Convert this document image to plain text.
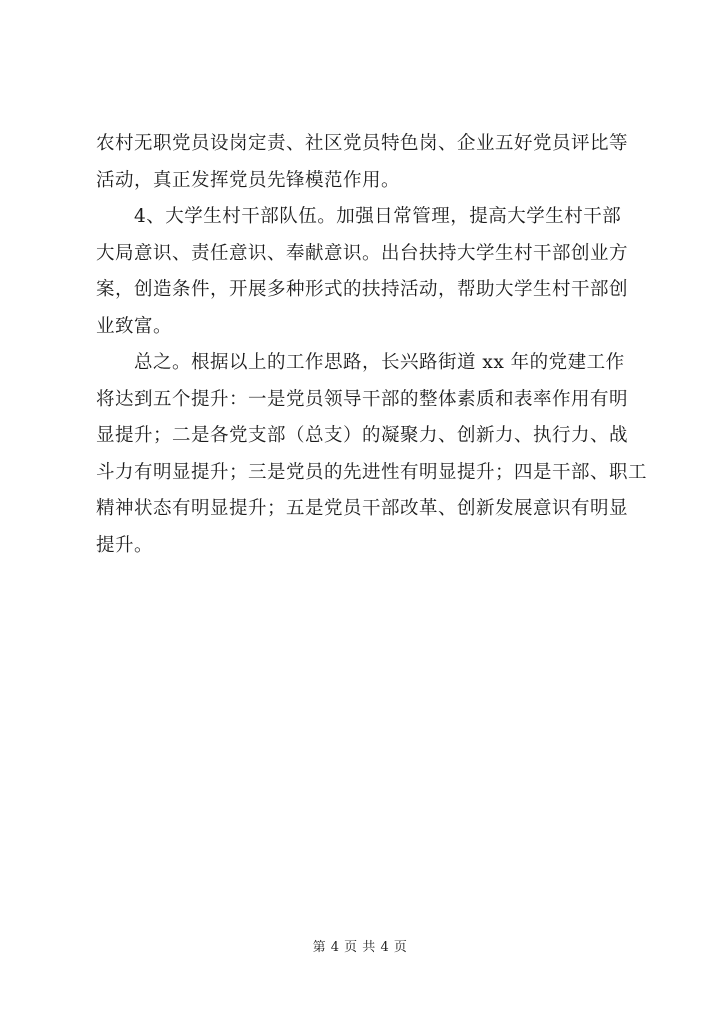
农村无职党员设岗定责、社区党员特色岗、企业五好党员评比等
活动，真正发挥党员先锋模范作用。

4、大学生村干部队伍。加强日常管理，提高大学生村干部
大局意识、责任意识、奉献意识。出台扶持大学生村干部创业方
案，创造条件，开展多种形式的扶持活动，帮助大学生村干部创
业致富。

总之。根据以上的工作思路，长兴路街道 xx 年的党建工作
将达到五个提升：一是党员领导干部的整体素质和表率作用有明
显提升；二是各党支部（总支）的凝聚力、创新力、执行力、战
斗力有明显提升；三是党员的先进性有明显提升；四是干部、职工
精神状态有明显提升；五是党员干部改革、创新发展意识有明显
提升。

第 4 页 共 4 页
